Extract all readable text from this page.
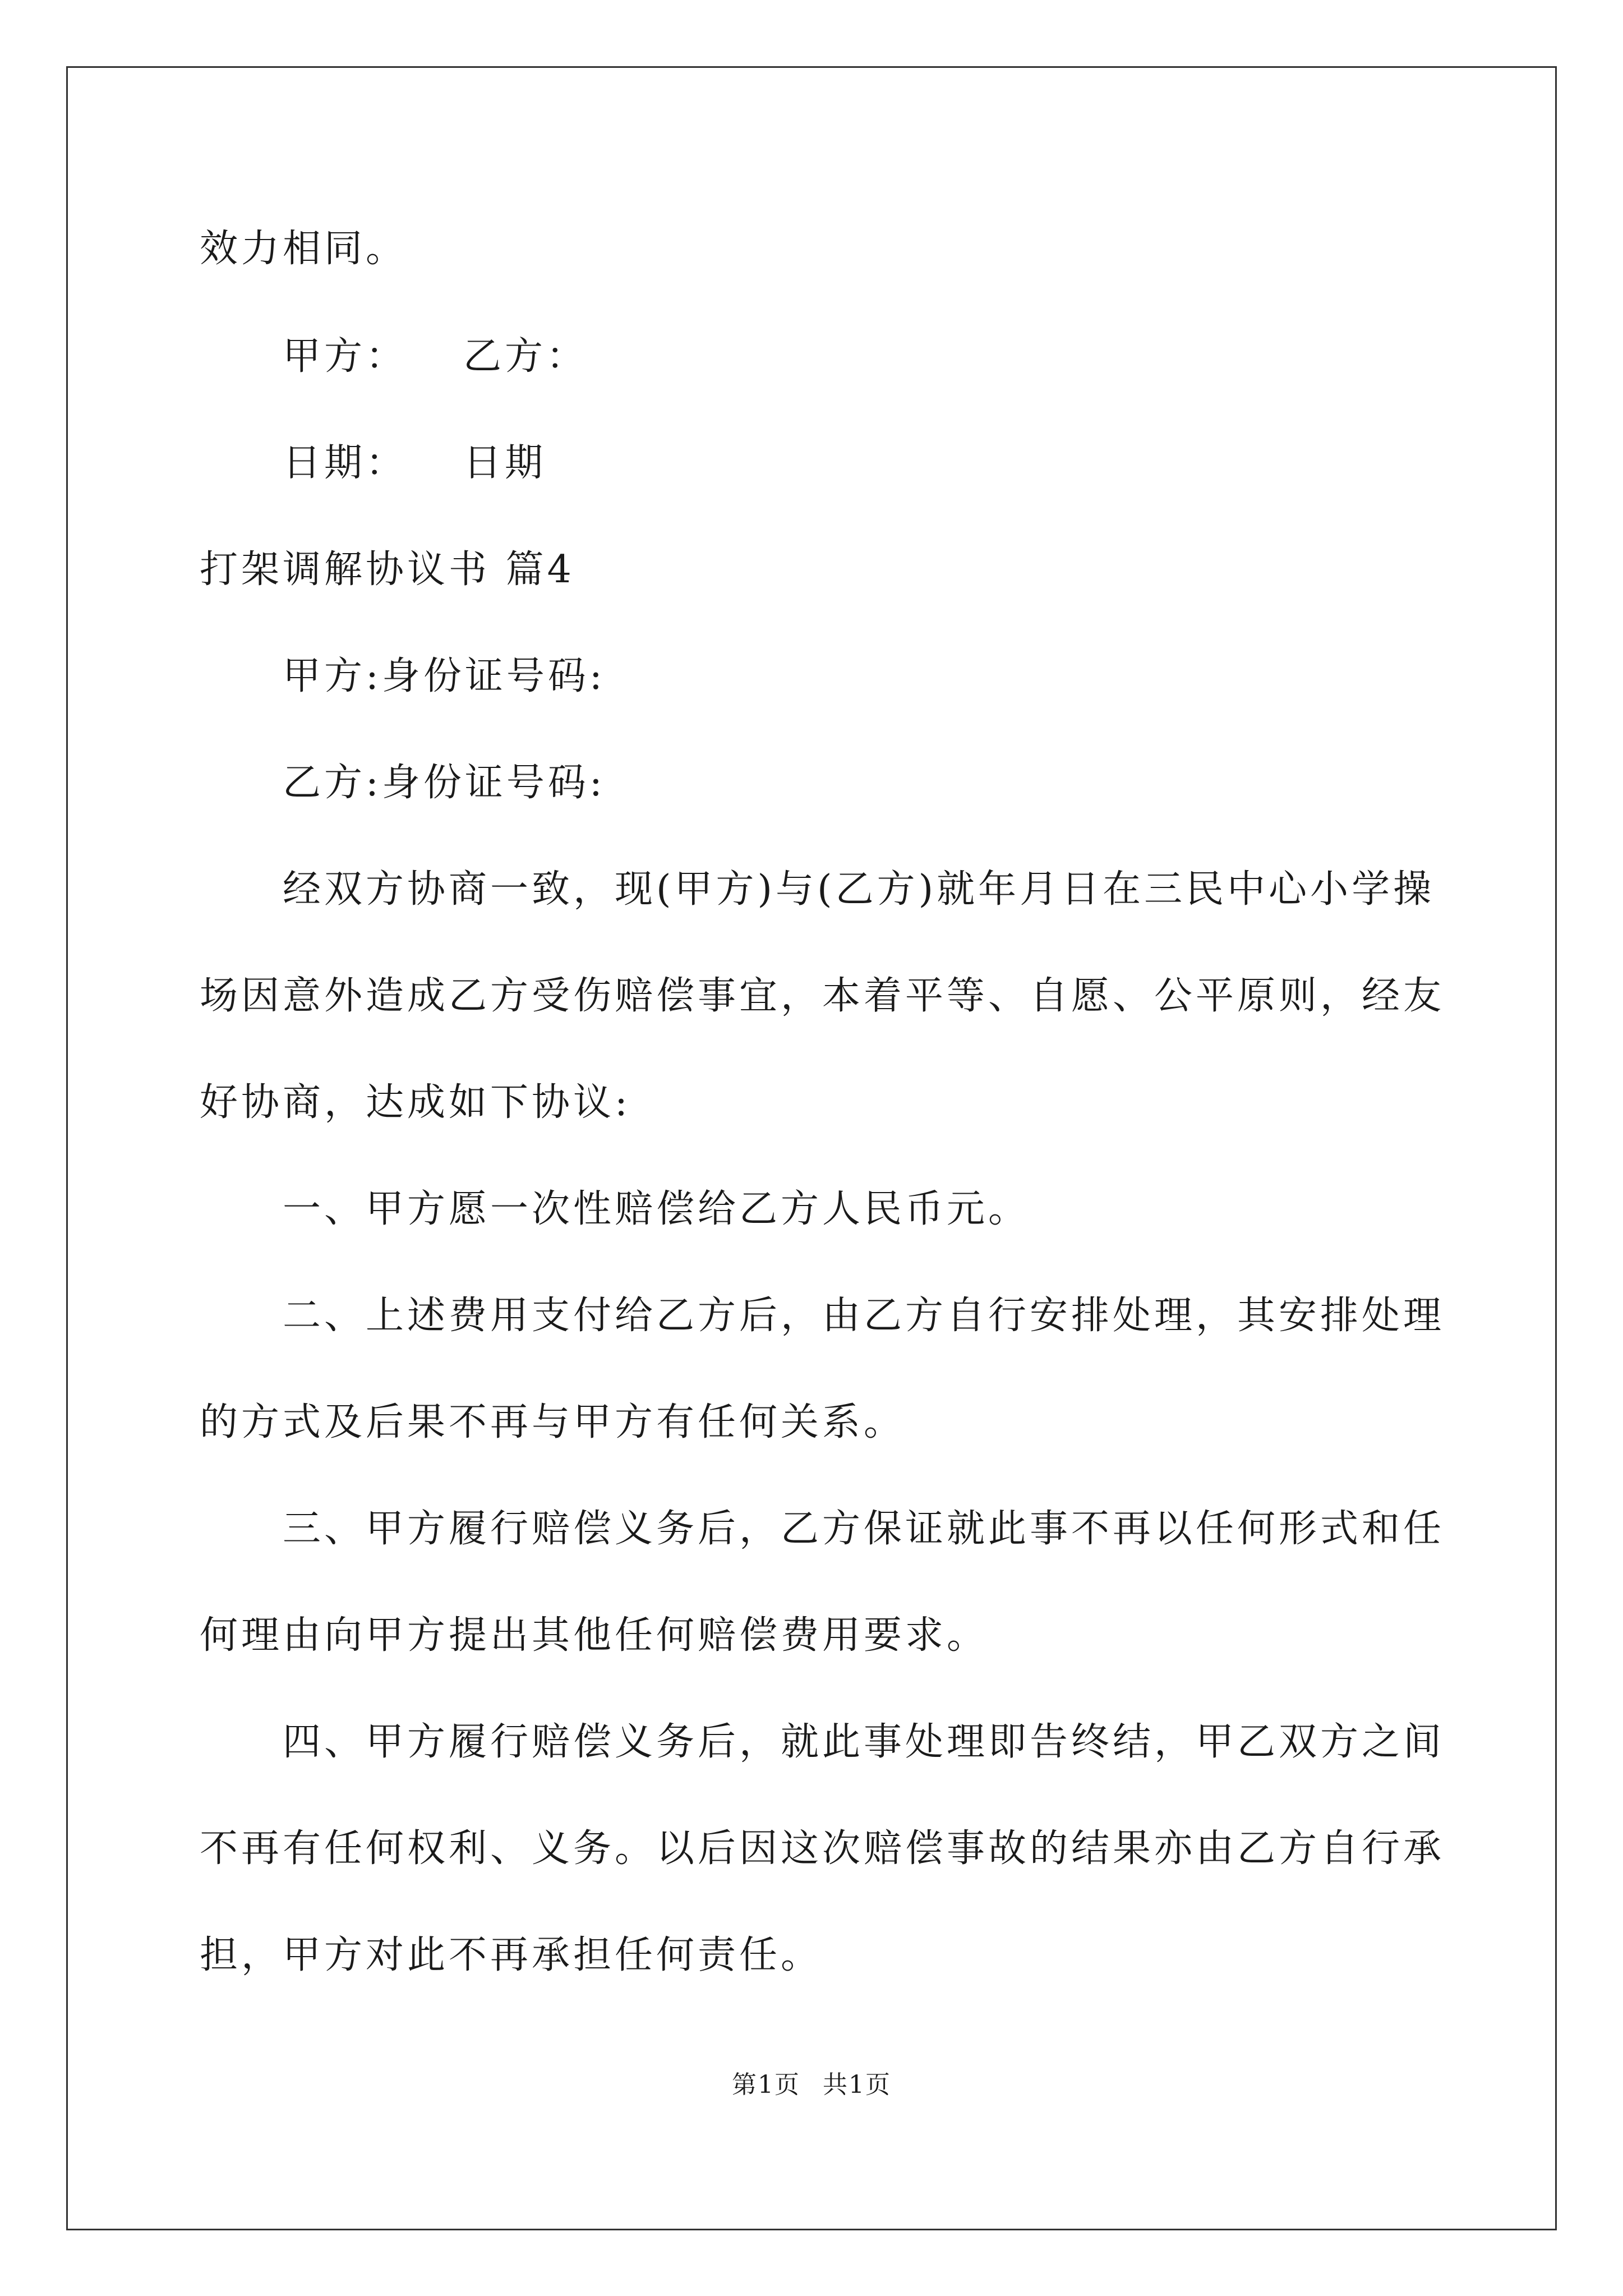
效力相同。
甲方： 乙方：
日期： 日期
打架调解协议书 篇4
甲方:身份证号码:
乙方:身份证号码:
经双方协商一致，现(甲方)与(乙方)就年月日在三民中心小学操
场因意外造成乙方受伤赔偿事宜，本着平等、自愿、公平原则，经友
好协商，达成如下协议:
一、甲方愿一次性赔偿给乙方人民币元。
二、上述费用支付给乙方后，由乙方自行安排处理，其安排处理
的方式及后果不再与甲方有任何关系。
三、甲方履行赔偿义务后，乙方保证就此事不再以任何形式和任
何理由向甲方提出其他任何赔偿费用要求。
四、甲方履行赔偿义务后，就此事处理即告终结，甲乙双方之间
不再有任何权利、义务。以后因这次赔偿事故的结果亦由乙方自行承
担，甲方对此不再承担任何责任。
第1页 共1页
